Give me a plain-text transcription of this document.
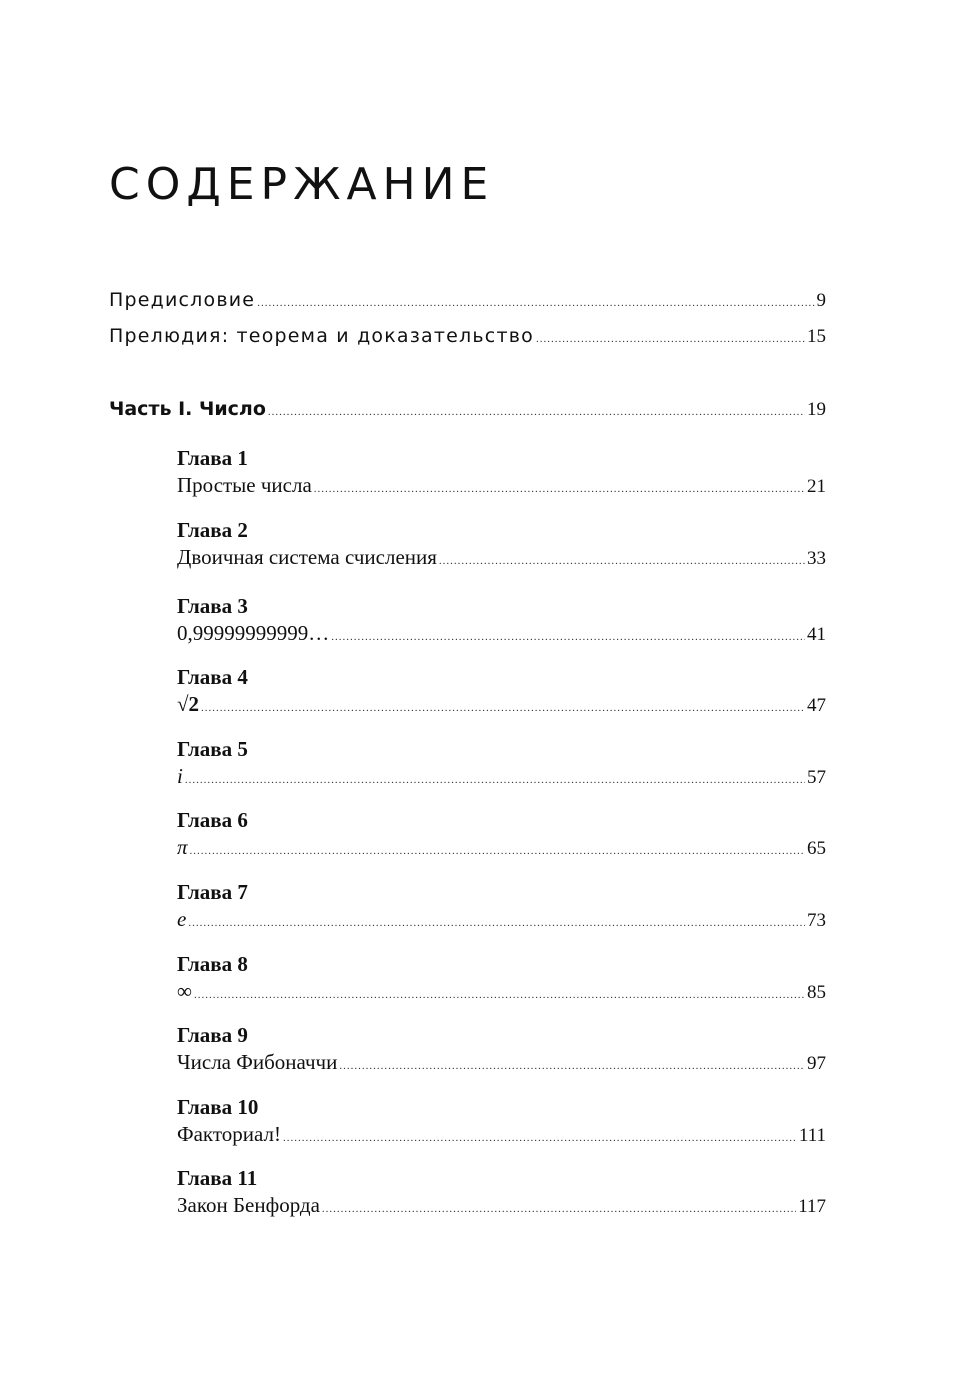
СОДЕРЖАНИЕ
Предисловие .....	9
Прелюдия: теорема и доказательство .....	15
Часть I. Число .....	19
Глава 1
Простые числа .....	21
Глава 2
Двоичная система счисления .....	33
Глава 3
0,99999999999… .....	41
Глава 4
√2 .....	47
Глава 5
i .....	57
Глава 6
π .....	65
Глава 7
e .....	73
Глава 8
∞ .....	85
Глава 9
Числа Фибоначчи .....	97
Глава 10
Факториал! .....	111
Глава 11
Закон Бенфорда .....	117
